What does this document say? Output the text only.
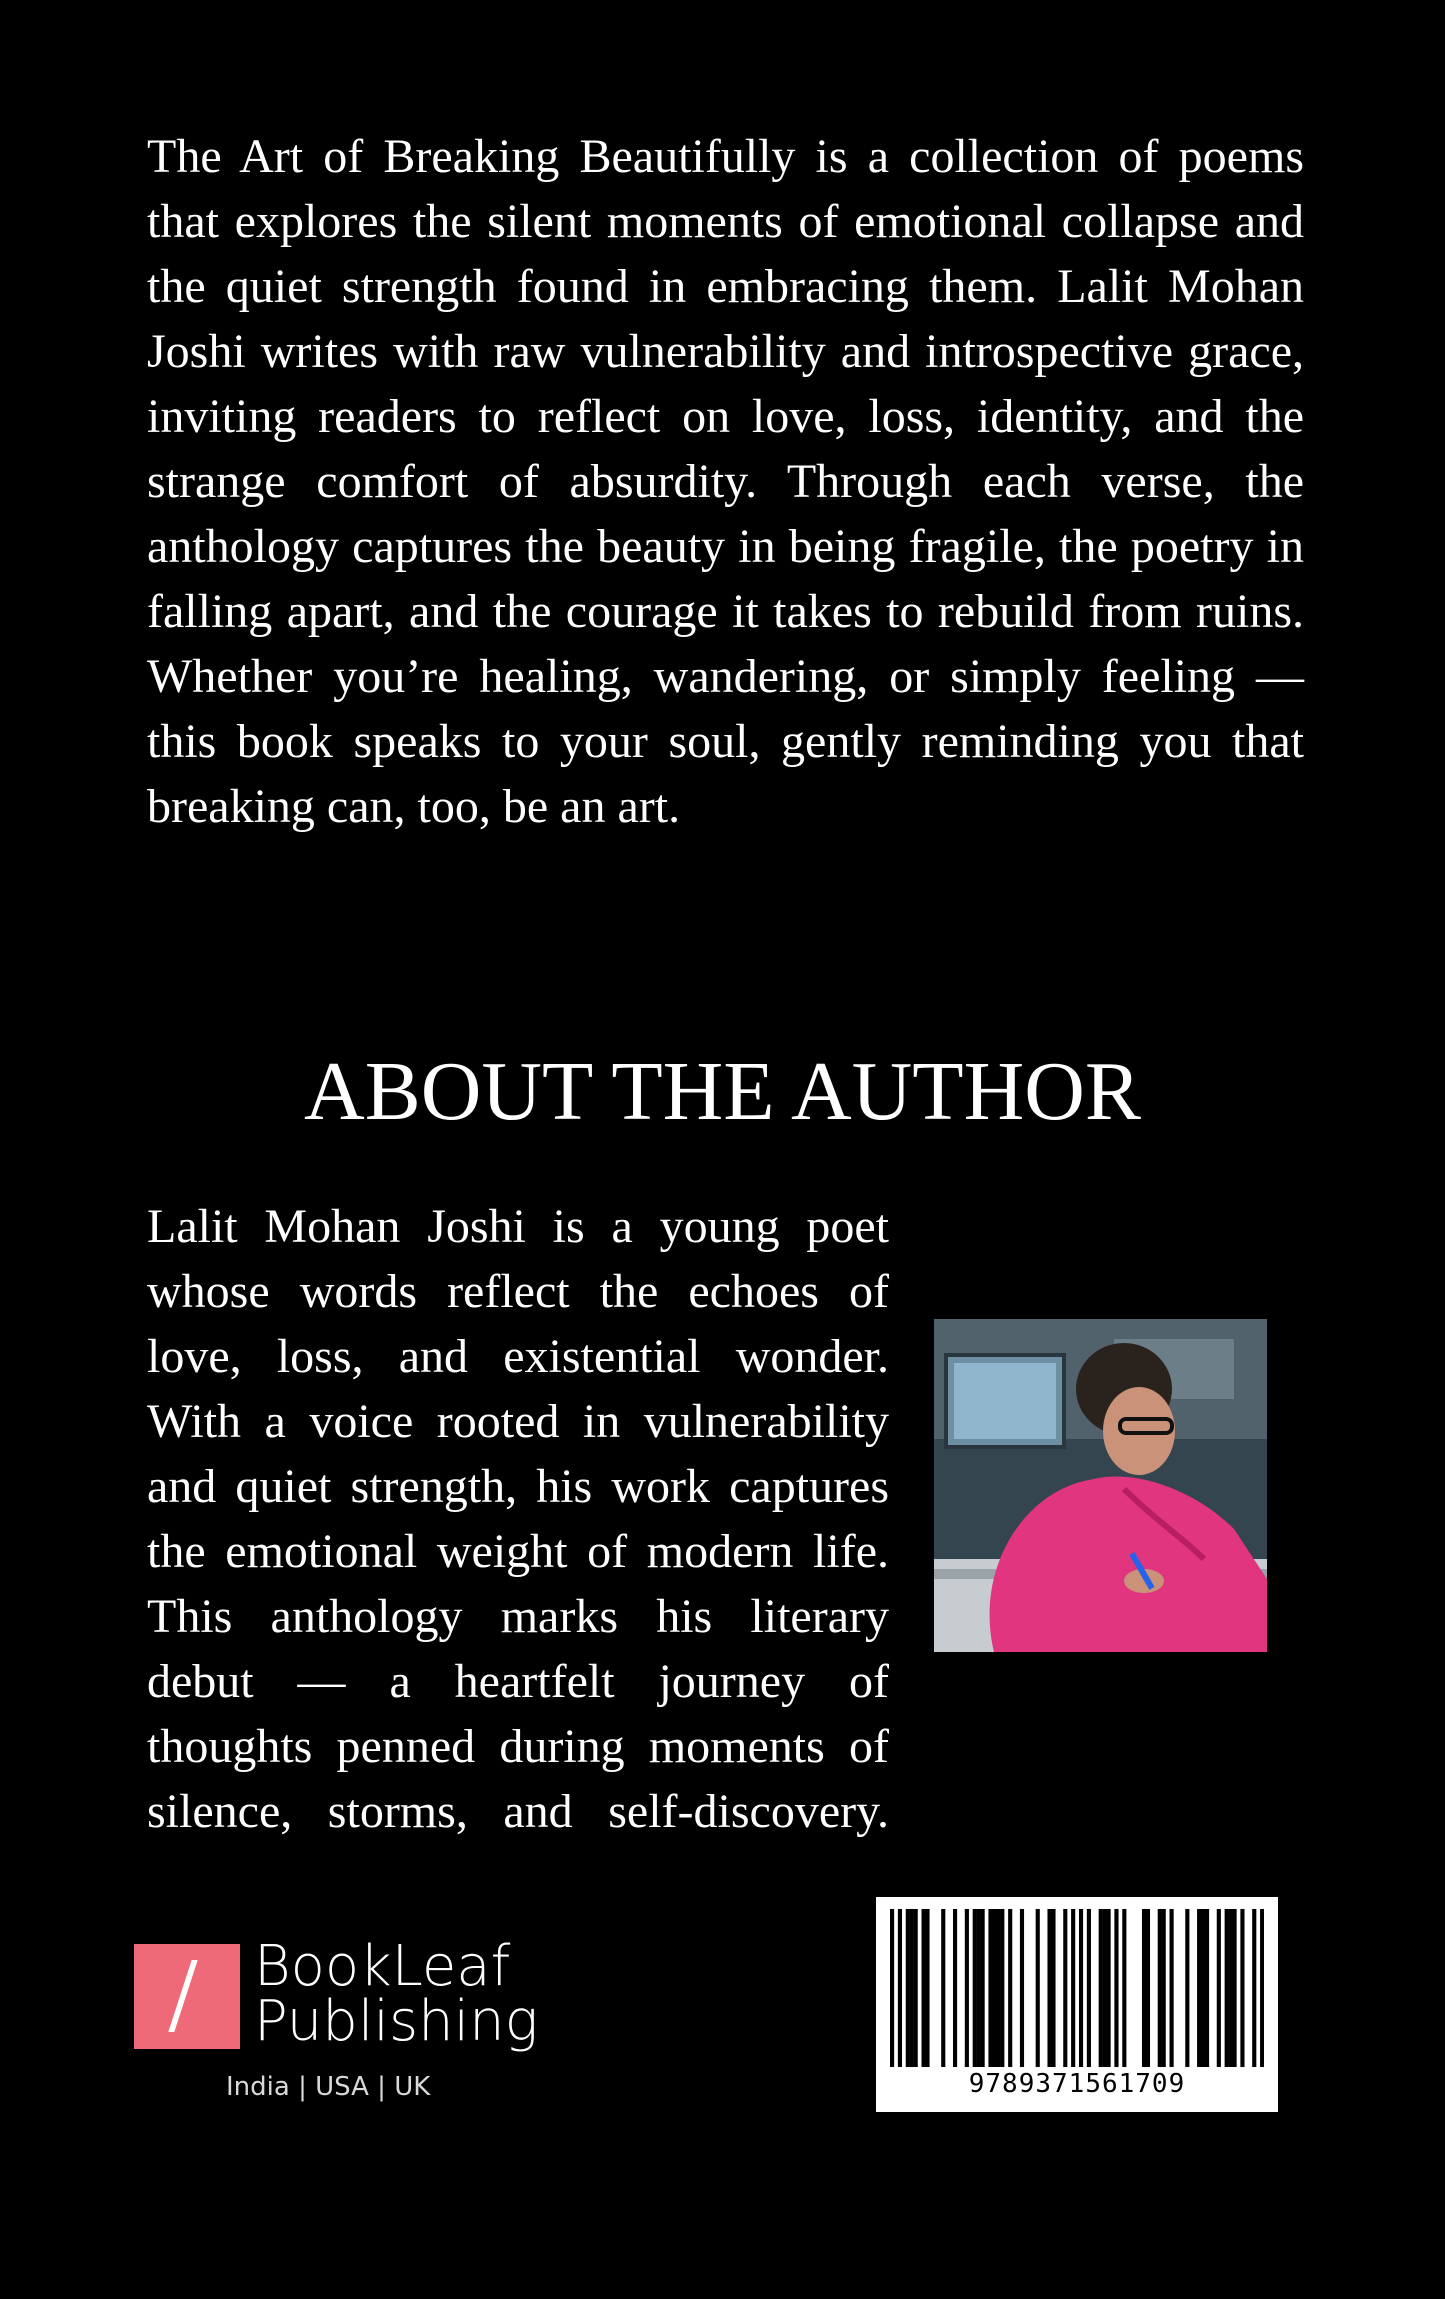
The Art of Breaking Beautifully is a collection of poems that explores the silent moments of emotional collapse and the quiet strength found in embracing them. Lalit Mohan Joshi writes with raw vulnerability and introspective grace, inviting readers to reflect on love, loss, identity, and the strange comfort of absurdity. Through each verse, the anthology captures the beauty in being fragile, the poetry in falling apart, and the courage it takes to rebuild from ruins. Whether you’re healing, wandering, or simply feeling — this book speaks to your soul, gently reminding you that breaking can, too, be an art.

ABOUT THE AUTHOR

Lalit Mohan Joshi is a young poet whose words reflect the echoes of love, loss, and existential wonder. With a voice rooted in vulnerability and quiet strength, his work captures the emotional weight of modern life. This anthology marks his literary debut — a heartfelt journey of thoughts penned during moments of silence, storms, and self-discovery.

BookLeaf
Publishing
India | USA | UK	9789371561709
